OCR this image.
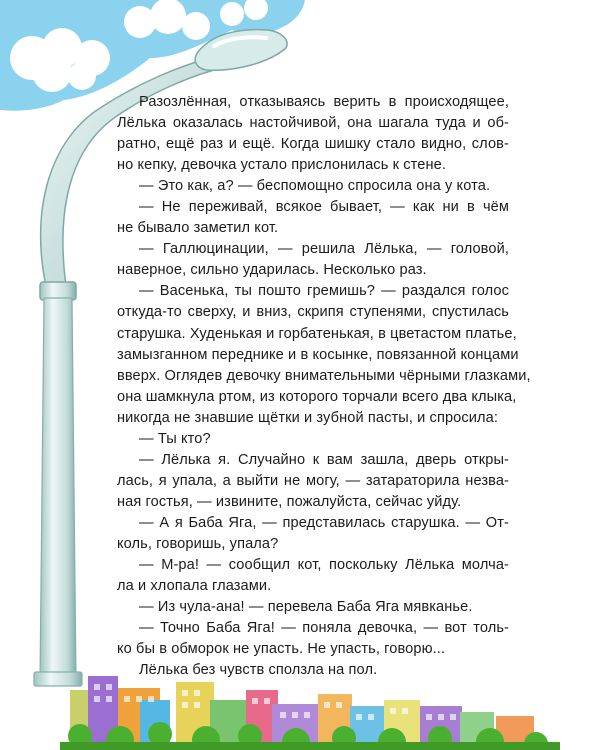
Разозлённая, отказываясь верить в происходящее,
Лёлька оказалась настойчивой, она шагала туда и об-
ратно, ещё раз и ещё. Когда шишку стало видно, слов-
но кепку, девочка устало прислонилась к стене.
— Это как, а? — беспомощно спросила она у кота.
— Не переживай, всякое бывает, — как ни в чём
не бывало заметил кот.
— Галлюцинации, — решила Лёлька, — головой,
наверное, сильно ударилась. Несколько раз.
— Васенька, ты пошто гремишь? — раздался голос
откуда-то сверху, и вниз, скрипя ступенями, спустилась
старушка. Худенькая и горбатенькая, в цветастом платье,
замызганном переднике и в косынке, повязанной концами
вверх. Оглядев девочку внимательными чёрными глазками,
она шамкнула ртом, из которого торчали всего два клыка,
никогда не знавшие щётки и зубной пасты, и спросила:
— Ты кто?
— Лёлька я. Случайно к вам зашла, дверь откры-
лась, я упала, а выйти не могу, — затараторила незва-
ная гостья, — извините, пожалуйста, сейчас уйду.
— А я Баба Яга, — представилась старушка. — От-
коль, говоришь, упала?
— М-ра! — сообщил кот, поскольку Лёлька молча-
ла и хлопала глазами.
— Из чула-ана! — перевела Баба Яга мявканье.
— Точно Баба Яга! — поняла девочка, — вот толь-
ко бы в обморок не упасть. Не упасть, говорю...
Лёлька без чувств сползла на пол.
